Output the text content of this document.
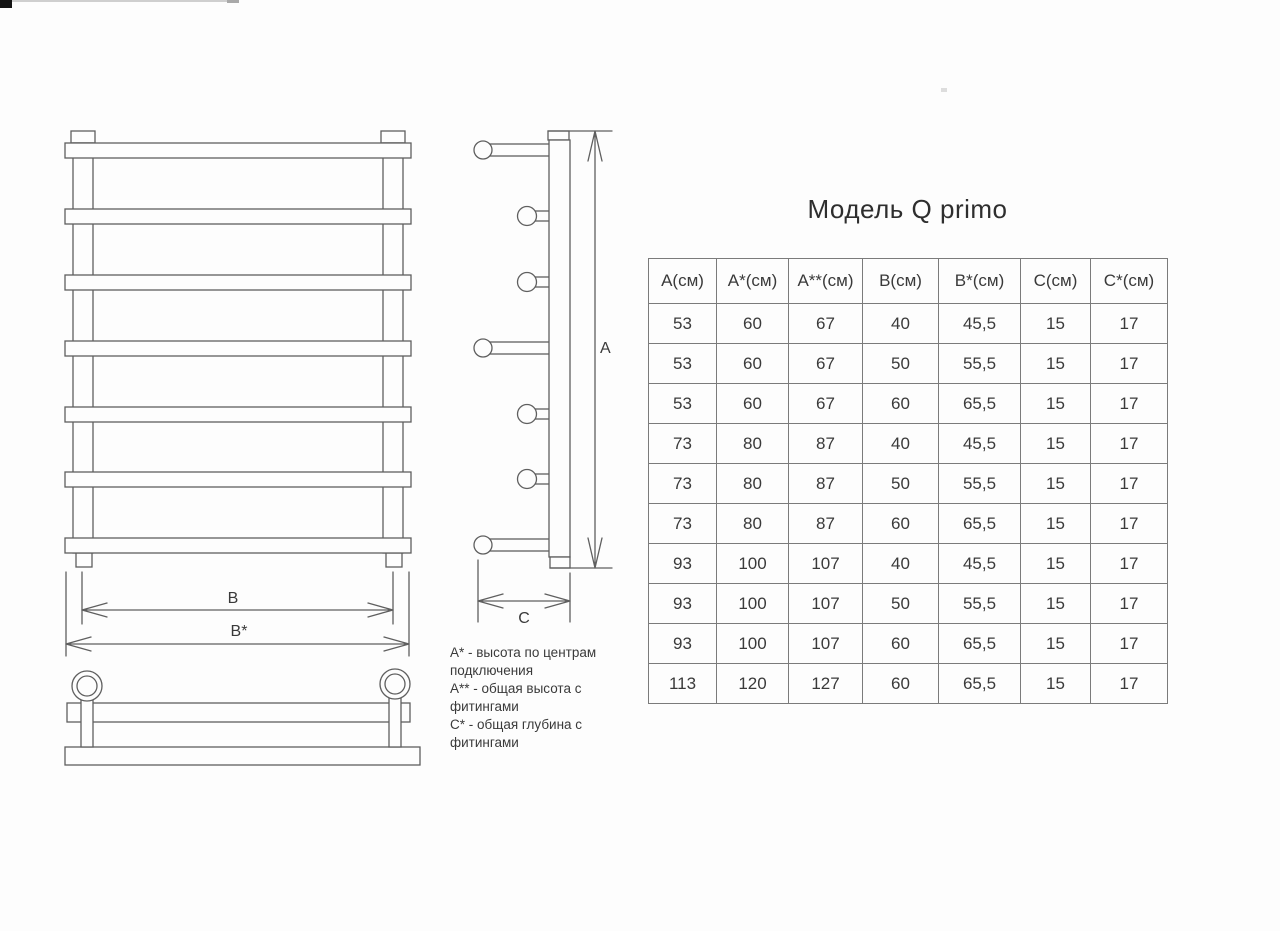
B
B*
A
C

А* - высота по центрам подключения

А** - общая высота с фитингами

С* - общая глубина с фитингами

Модель Q primo
А(см)	А*(см)	А**(см)	В(см)	В*(см)	С(см)	С*(см)
53	60	67	40	45,5	15	17
53	60	67	50	55,5	15	17
53	60	67	60	65,5	15	17
73	80	87	40	45,5	15	17
73	80	87	50	55,5	15	17
73	80	87	60	65,5	15	17
93	100	107	40	45,5	15	17
93	100	107	50	55,5	15	17
93	100	107	60	65,5	15	17
113	120	127	60	65,5	15	17
